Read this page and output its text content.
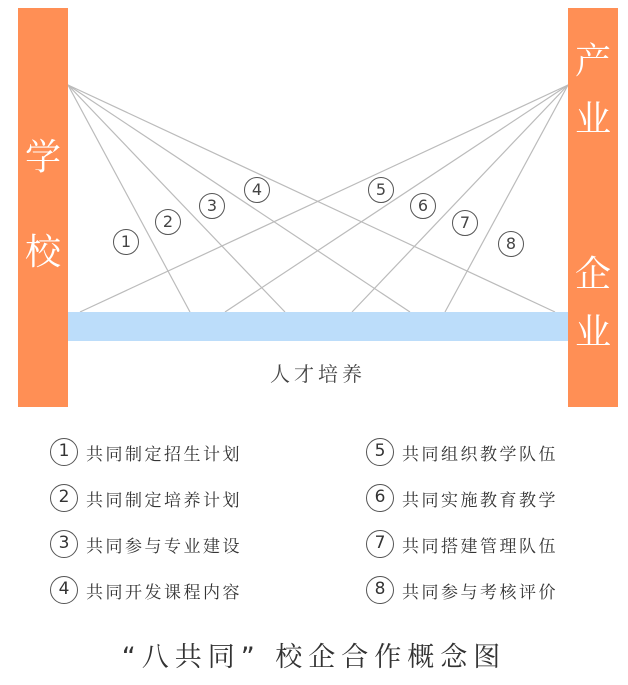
学
校
产
业
企
业
人才培养
1
2
3
4	5
6
7
8
1 共同制定招生计划
2 共同制定培养计划
3 共同参与专业建设
4 共同开发课程内容
5 共同组织教学队伍
6 共同实施教育教学
7 共同搭建管理队伍
8 共同参与考核评价
“八共同” 校企合作概念图
